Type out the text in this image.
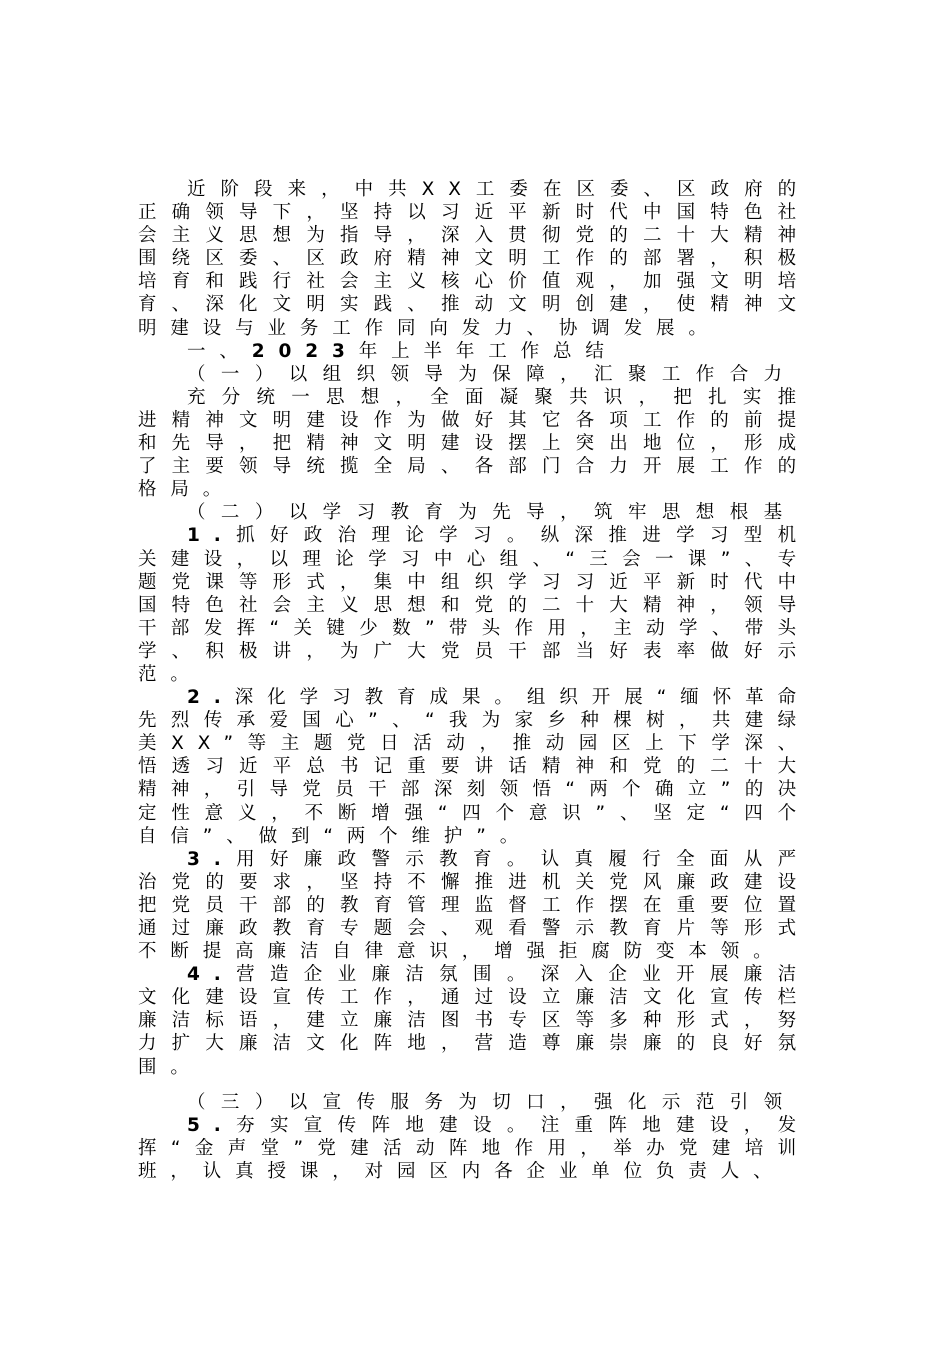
近阶段来，中共XX工委在区委、区政府的
正确领导下，坚持以习近平新时代中国特色社
会主义思想为指导，深入贯彻党的二十大精神
围绕区委、区政府精神文明工作的部署，积极
培育和践行社会主义核心价值观，加强文明培
育、深化文明实践、推动文明创建，使精神文
明建设与业务工作同向发力、协调发展。
一、2023年上半年工作总结
（一）以组织领导为保障，汇聚工作合力
充分统一思想，全面凝聚共识，把扎实推
进精神文明建设作为做好其它各项工作的前提
和先导，把精神文明建设摆上突出地位，形成
了主要领导统揽全局、各部门合力开展工作的
格局。
（二）以学习教育为先导，筑牢思想根基
1.抓好政治理论学习。纵深推进学习型机
关建设，以理论学习中心组、“三会一课”、专
题党课等形式，集中组织学习习近平新时代中
国特色社会主义思想和党的二十大精神，领导
干部发挥“关键少数”带头作用，主动学、带头
学、积极讲，为广大党员干部当好表率做好示
范。
2.深化学习教育成果。组织开展“缅怀革命
先烈传承爱国心”、“我为家乡种棵树，共建绿
美XX”等主题党日活动，推动园区上下学深、
悟透习近平总书记重要讲话精神和党的二十大
精神，引导党员干部深刻领悟“两个确立”的决
定性意义，不断增强“四个意识”、坚定“四个
自信”、做到“两个维护”。
3.用好廉政警示教育。认真履行全面从严
治党的要求，坚持不懈推进机关党风廉政建设
把党员干部的教育管理监督工作摆在重要位置
通过廉政教育专题会、观看警示教育片等形式
不断提高廉洁自律意识，增强拒腐防变本领。
4.营造企业廉洁氛围。深入企业开展廉洁
文化建设宣传工作，通过设立廉洁文化宣传栏
廉洁标语，建立廉洁图书专区等多种形式，努
力扩大廉洁文化阵地，营造尊廉崇廉的良好氛
围。
（三）以宣传服务为切口，强化示范引领
5.夯实宣传阵地建设。注重阵地建设，发
挥“金声堂”党建活动阵地作用，举办党建培训
班，认真授课，对园区内各企业单位负责人、
